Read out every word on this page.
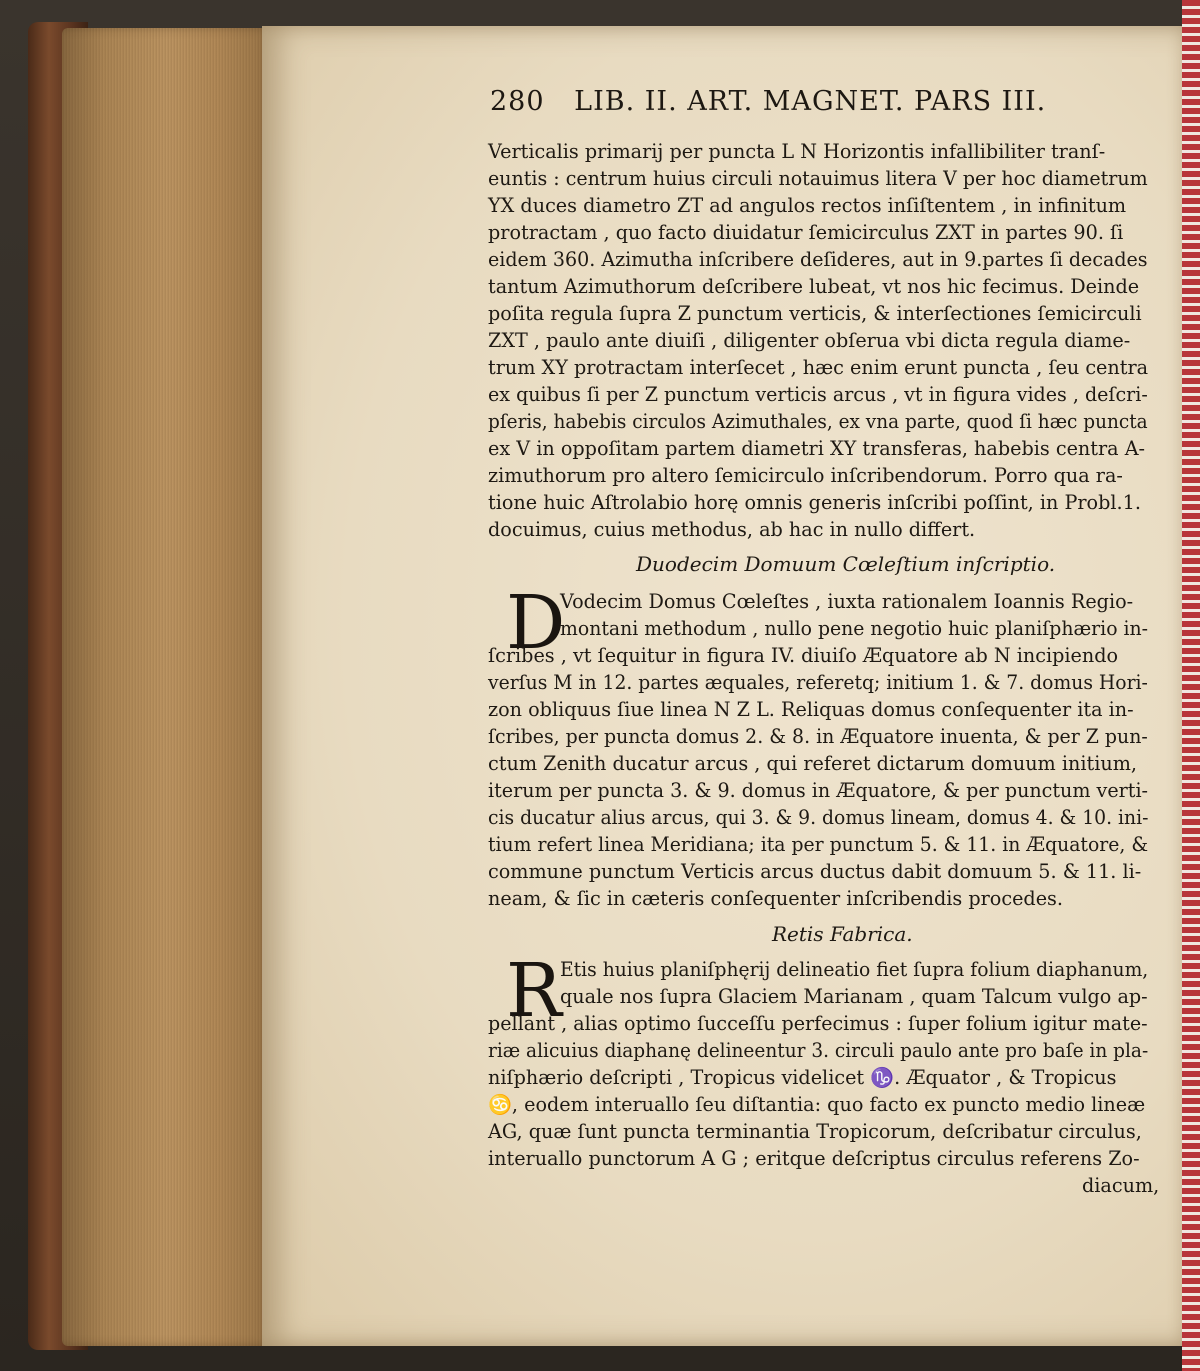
280 LIB. II. ART. MAGNET. PARS III.
Verticalis primarij per puncta L N Horizontis infallibiliter tranſ-
euntis : centrum huius circuli notauimus litera V per hoc diametrum
YX duces diametro ZT ad angulos rectos inſiſtentem , in infinitum
protractam , quo facto diuidatur ſemicirculus ZXT in partes 90. ſi
eidem 360. Azimutha inſcribere deſideres, aut in 9.partes ſi decades
tantum Azimuthorum deſcribere lubeat, vt nos hic fecimus. Deinde
poſita regula ſupra Z punctum verticis, & interſectiones ſemicirculi
ZXT , paulo ante diuiſi , diligenter obſerua vbi dicta regula diame-
trum XY protractam interſecet , hæc enim erunt puncta , ſeu centra
ex quibus ſi per Z punctum verticis arcus , vt in figura vides , deſcri-
pſeris, habebis circulos Azimuthales, ex vna parte, quod ſi hæc puncta
ex V in oppoſitam partem diametri XY transferas, habebis centra A-
zimuthorum pro altero ſemicirculo inſcribendorum. Porro qua ra-
tione huic Aſtrolabio horę omnis generis inſcribi poſſint, in Probl.1.
docuimus, cuius methodus, ab hac in nullo differt.
Duodecim Domuum Cœleſtium inſcriptio.
D
Vodecim Domus Cœleſtes , iuxta rationalem Ioannis Regio-
montani methodum , nullo pene negotio huic planiſphærio in-
ſcribes , vt ſequitur in figura IV. diuiſo Æquatore ab N incipiendo
verſus M in 12. partes æquales, referetq; initium 1. & 7. domus Hori-
zon obliquus ſiue linea N Z L. Reliquas domus conſequenter ita in-
ſcribes, per puncta domus 2. & 8. in Æquatore inuenta, & per Z pun-
ctum Zenith ducatur arcus , qui referet dictarum domuum initium,
iterum per puncta 3. & 9. domus in Æquatore, & per punctum verti-
cis ducatur alius arcus, qui 3. & 9. domus lineam, domus 4. & 10. ini-
tium refert linea Meridiana; ita per punctum 5. & 11. in Æquatore, &
commune punctum Verticis arcus ductus dabit domuum 5. & 11. li-
neam, & ſic in cæteris conſequenter inſcribendis procedes.
Retis Fabrica.
R
Etis huius planiſphęrij delineatio fiet ſupra folium diaphanum,
quale nos ſupra Glaciem Marianam , quam Talcum vulgo ap-
pellant , alias optimo ſucceſſu perfecimus : ſuper folium igitur mate-
riæ alicuius diaphanę delineentur 3. circuli paulo ante pro baſe in pla-
niſphærio deſcripti , Tropicus videlicet ♑. Æquator , & Tropicus
♋, eodem interuallo ſeu diſtantia: quo facto ex puncto medio lineæ
AG, quæ ſunt puncta terminantia Tropicorum, deſcribatur circulus,
interuallo punctorum A G ; eritque deſcriptus circulus referens Zo-
diacum,
